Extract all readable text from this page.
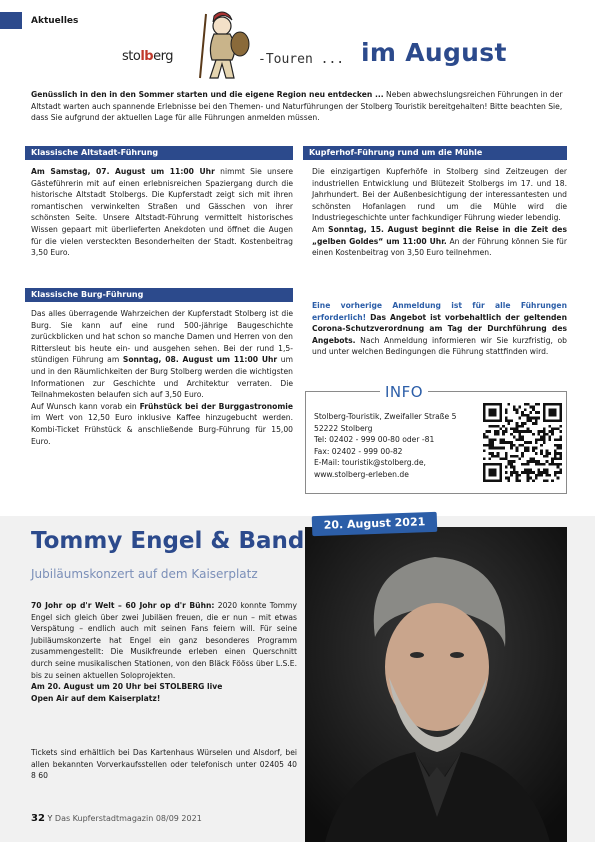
Aktuelles
stolberg	-Touren ... im August
Genüsslich in den in den Sommer starten und die eigene Region neu entdecken ... Neben abwechslungsreichen Führungen in der Altstadt warten auch spannende Erlebnisse bei den Themen- und Naturführungen der Stolberg Touristik bereitgehalten! Bitte beachten Sie, dass Sie aufgrund der aktuellen Lage für alle Führungen anmelden müssen.
Klassische Altstadt-Führung
Am Samstag, 07. August um 11:00 Uhr nimmt Sie unsere Gästeführerin mit auf einen erlebnisreichen Spaziergang durch die historische Altstadt Stolbergs. Die Kupferstadt zeigt sich mit ihren romantischen verwinkelten Straßen und Gässchen von ihrer schönsten Seite. Unsere Altstadt-Führung vermittelt historisches Wissen gepaart mit überlieferten Anekdoten und öffnet die Augen für die vielen versteckten Besonderheiten der Stadt. Kostenbeitrag 3,50 Euro.
Klassische Burg-Führung
Das alles überragende Wahrzeichen der Kupferstadt Stolberg ist die Burg. Sie kann auf eine rund 500-jährige Baugeschichte zurückblicken und hat schon so manche Damen und Herren von den Rittersleut bis heute ein- und ausgehen sehen. Bei der rund 1,5- stündigen Führung am Sonntag, 08. August um 11:00 Uhr um und in den Räumlichkeiten der Burg Stolberg werden die wichtigsten Informationen zur Geschichte und Architektur verraten. Die Teilnahmekosten belaufen sich auf 3,50 Euro.
Auf Wunsch kann vorab ein Frühstück bei der Burggastronomie im Wert von 12,50 Euro inklusive Kaffee hinzugebucht werden. Kombi-Ticket Frühstück & anschließende Burg-Führung für 15,00 Euro.
Kupferhof-Führung rund um die Mühle
Die einzigartigen Kupferhöfe in Stolberg sind Zeitzeugen der industriellen Entwicklung und Blütezeit Stolbergs im 17. und 18. Jahrhundert. Bei der Außenbesichtigung der interessantesten und schönsten Hofanlagen rund um die Mühle wird die Industriegeschichte unter fachkundiger Führung wieder lebendig.
Am Sonntag, 15. August beginnt die Reise in die Zeit des „gelben Goldes“ um 11:00 Uhr. An der Führung können Sie für einen Kostenbeitrag von 3,50 Euro teilnehmen.
Eine vorherige Anmeldung ist für alle Führungen erforderlich! Das Angebot ist vorbehaltlich der geltenden Corona-Schutzverordnung am Tag der Durchführung des Angebots. Nach Anmeldung informieren wir Sie kurzfristig, ob und unter welchen Bedingungen die Führung stattfinden wird.
INFO
Stolberg-Touristik, Zweifaller Straße 5
52222 Stolberg
Tel: 02402 - 999 00-80 oder -81
Fax: 02402 - 999 00-82
E-Mail: touristik@stolberg.de,
www.stolberg-erleben.de
Tommy Engel & Band
Jubiläumskonzert auf dem Kaiserplatz
70 Johr op d'r Welt – 60 Johr op d'r Bühn: 2020 konnte Tommy Engel sich gleich über zwei Jubiläen freuen, die er nun – mit etwas Verspätung – endlich auch mit seinen Fans feiern will. Für seine Jubiläumskonzerte hat Engel ein ganz besonderes Programm zusammengestellt: Die Musikfreunde erleben einen Querschnitt durch seine musikalischen Stationen, von den Bläck Fööss über L.S.E. bis zu seinen aktuellen Soloprojekten.
Am 20. August um 20 Uhr bei STOLBERG live
Open Air auf dem Kaiserplatz!
Tickets sind erhältlich bei Das Kartenhaus Würselen und Alsdorf, bei allen bekannten Vorverkaufsstellen oder telefonisch unter 02405 40 8 60
20. August 2021
32 Y Das Kupferstadtmagazin 08/09 2021
